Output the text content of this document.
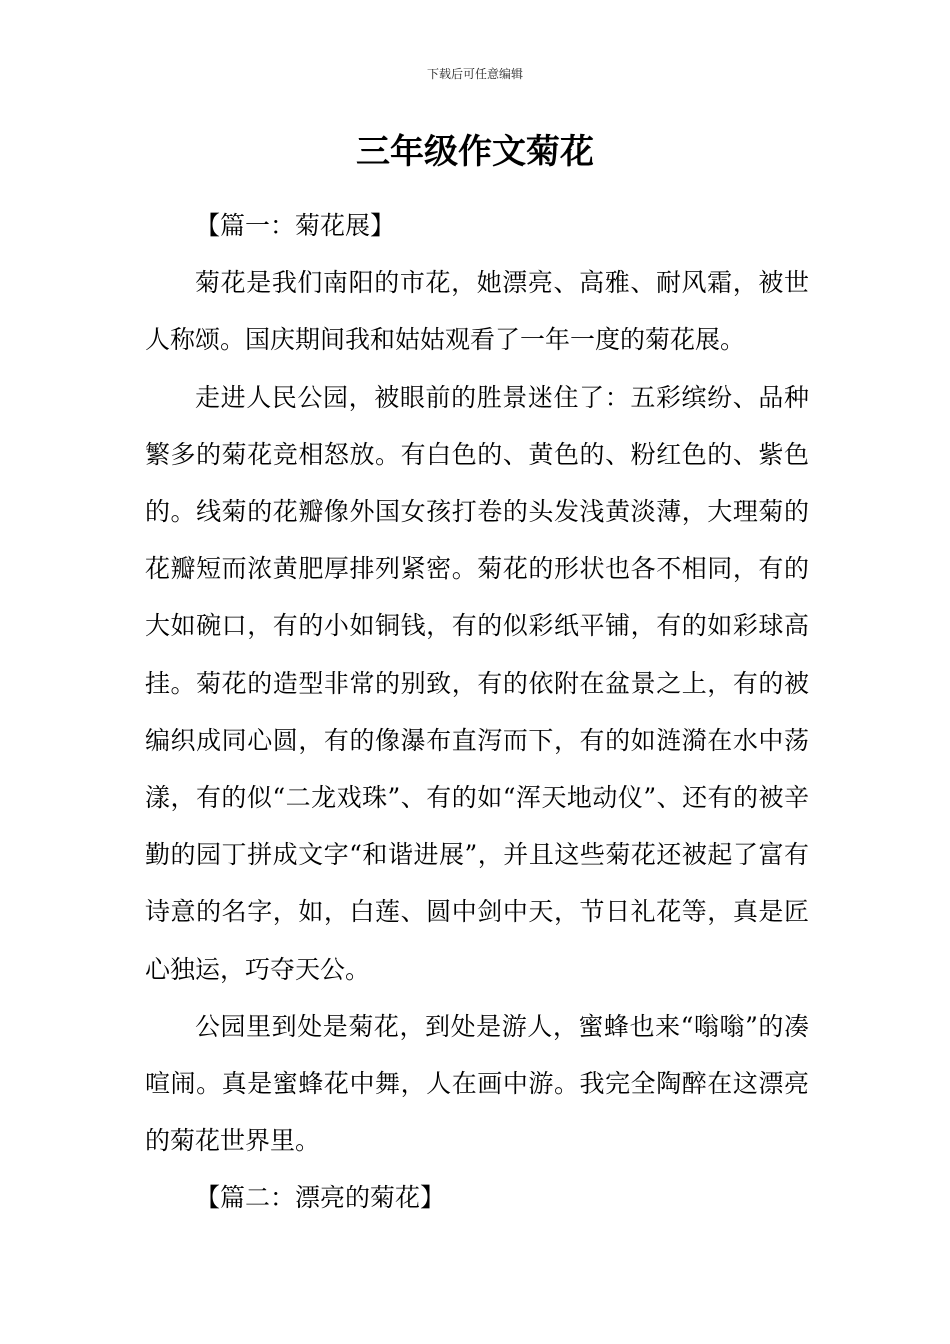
下载后可任意编辑
三年级作文菊花
【篇一：菊花展】

菊花是我们南阳的市花，她漂亮、高雅、耐风霜，被世人称颂。国庆期间我和姑姑观看了一年一度的菊花展。

走进人民公园，被眼前的胜景迷住了：五彩缤纷、品种繁多的菊花竞相怒放。有白色的、黄色的、粉红色的、紫色的。线菊的花瓣像外国女孩打卷的头发浅黄淡薄，大理菊的花瓣短而浓黄肥厚排列紧密。菊花的形状也各不相同，有的大如碗口，有的小如铜钱，有的似彩纸平铺，有的如彩球高挂。菊花的造型非常的别致，有的依附在盆景之上，有的被编织成同心圆，有的像瀑布直泻而下，有的如涟漪在水中荡漾，有的似“二龙戏珠”、有的如“浑天地动仪”、还有的被辛勤的园丁拼成文字“和谐进展”，并且这些菊花还被起了富有诗意的名字，如，白莲、圆中剑中天，节日礼花等，真是匠心独运，巧夺天公。

公园里到处是菊花，到处是游人，蜜蜂也来“嗡嗡”的凑喧闹。真是蜜蜂花中舞，人在画中游。我完全陶醉在这漂亮的菊花世界里。

【篇二：漂亮的菊花】
